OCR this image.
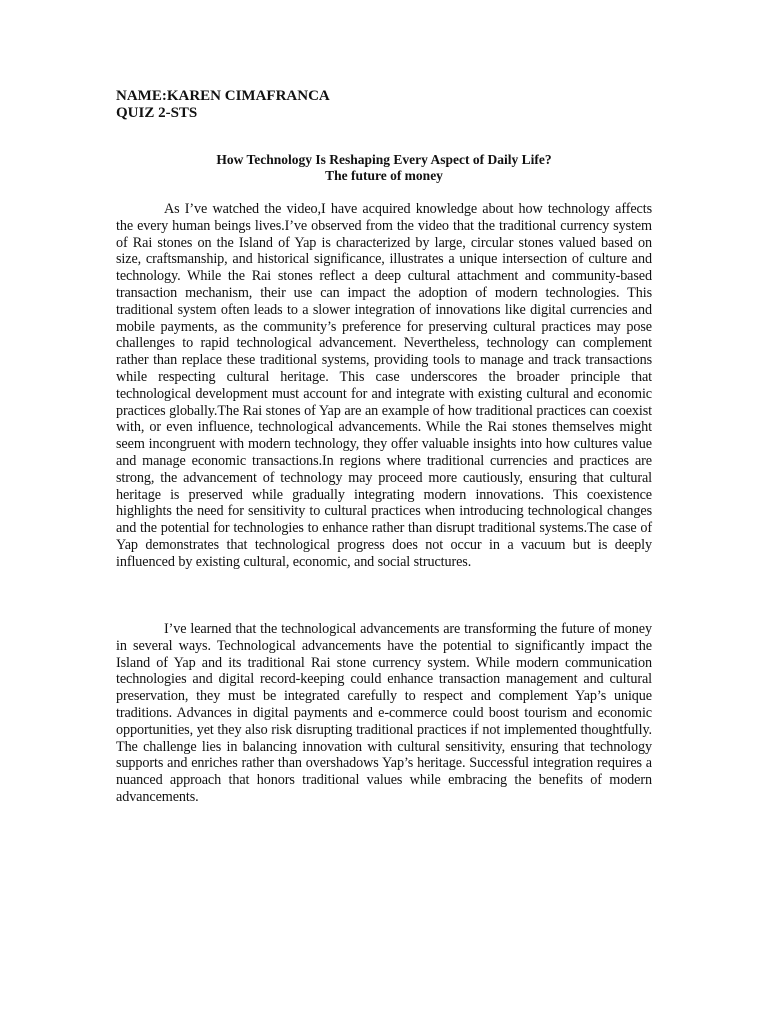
NAME:KAREN CIMAFRANCA
QUIZ 2-STS
How Technology Is Reshaping Every Aspect of Daily Life?
The future of money

As I’ve watched the video,I have acquired knowledge about how technology affects the every human beings lives.I’ve observed from the video that the traditional currency system of Rai stones on the Island of Yap is characterized by large, circular stones valued based on size, craftsmanship, and historical significance, illustrates a unique intersection of culture and technology. While the Rai stones reflect a deep cultural attachment and community-based transaction mechanism, their use can impact the adoption of modern technologies. This traditional system often leads to a slower integration of innovations like digital currencies and mobile payments, as the community’s preference for preserving cultural practices may pose challenges to rapid technological advancement. Nevertheless, technology can complement rather than replace these traditional systems, providing tools to manage and track transactions while respecting cultural heritage. This case underscores the broader principle that technological development must account for and integrate with existing cultural and economic practices globally.The Rai stones of Yap are an example of how traditional practices can coexist with, or even influence, technological advancements. While the Rai stones themselves might seem incongruent with modern technology, they offer valuable insights into how cultures value and manage economic transactions.In regions where traditional currencies and practices are strong, the advancement of technology may proceed more cautiously, ensuring that cultural heritage is preserved while gradually integrating modern innovations. This coexistence highlights the need for sensitivity to cultural practices when introducing technological changes and the potential for technologies to enhance rather than disrupt traditional systems.The case of Yap demonstrates that technological progress does not occur in a vacuum but is deeply influenced by existing cultural, economic, and social structures.

I’ve learned that the technological advancements are transforming the future of money in several ways. Technological advancements have the potential to significantly impact the Island of Yap and its traditional Rai stone currency system. While modern communication technologies and digital record-keeping could enhance transaction management and cultural preservation, they must be integrated carefully to respect and complement Yap’s unique traditions. Advances in digital payments and e-commerce could boost tourism and economic opportunities, yet they also risk disrupting traditional practices if not implemented thoughtfully. The challenge lies in balancing innovation with cultural sensitivity, ensuring that technology supports and enriches rather than overshadows Yap’s heritage. Successful integration requires a nuanced approach that honors traditional values while embracing the benefits of modern advancements.
